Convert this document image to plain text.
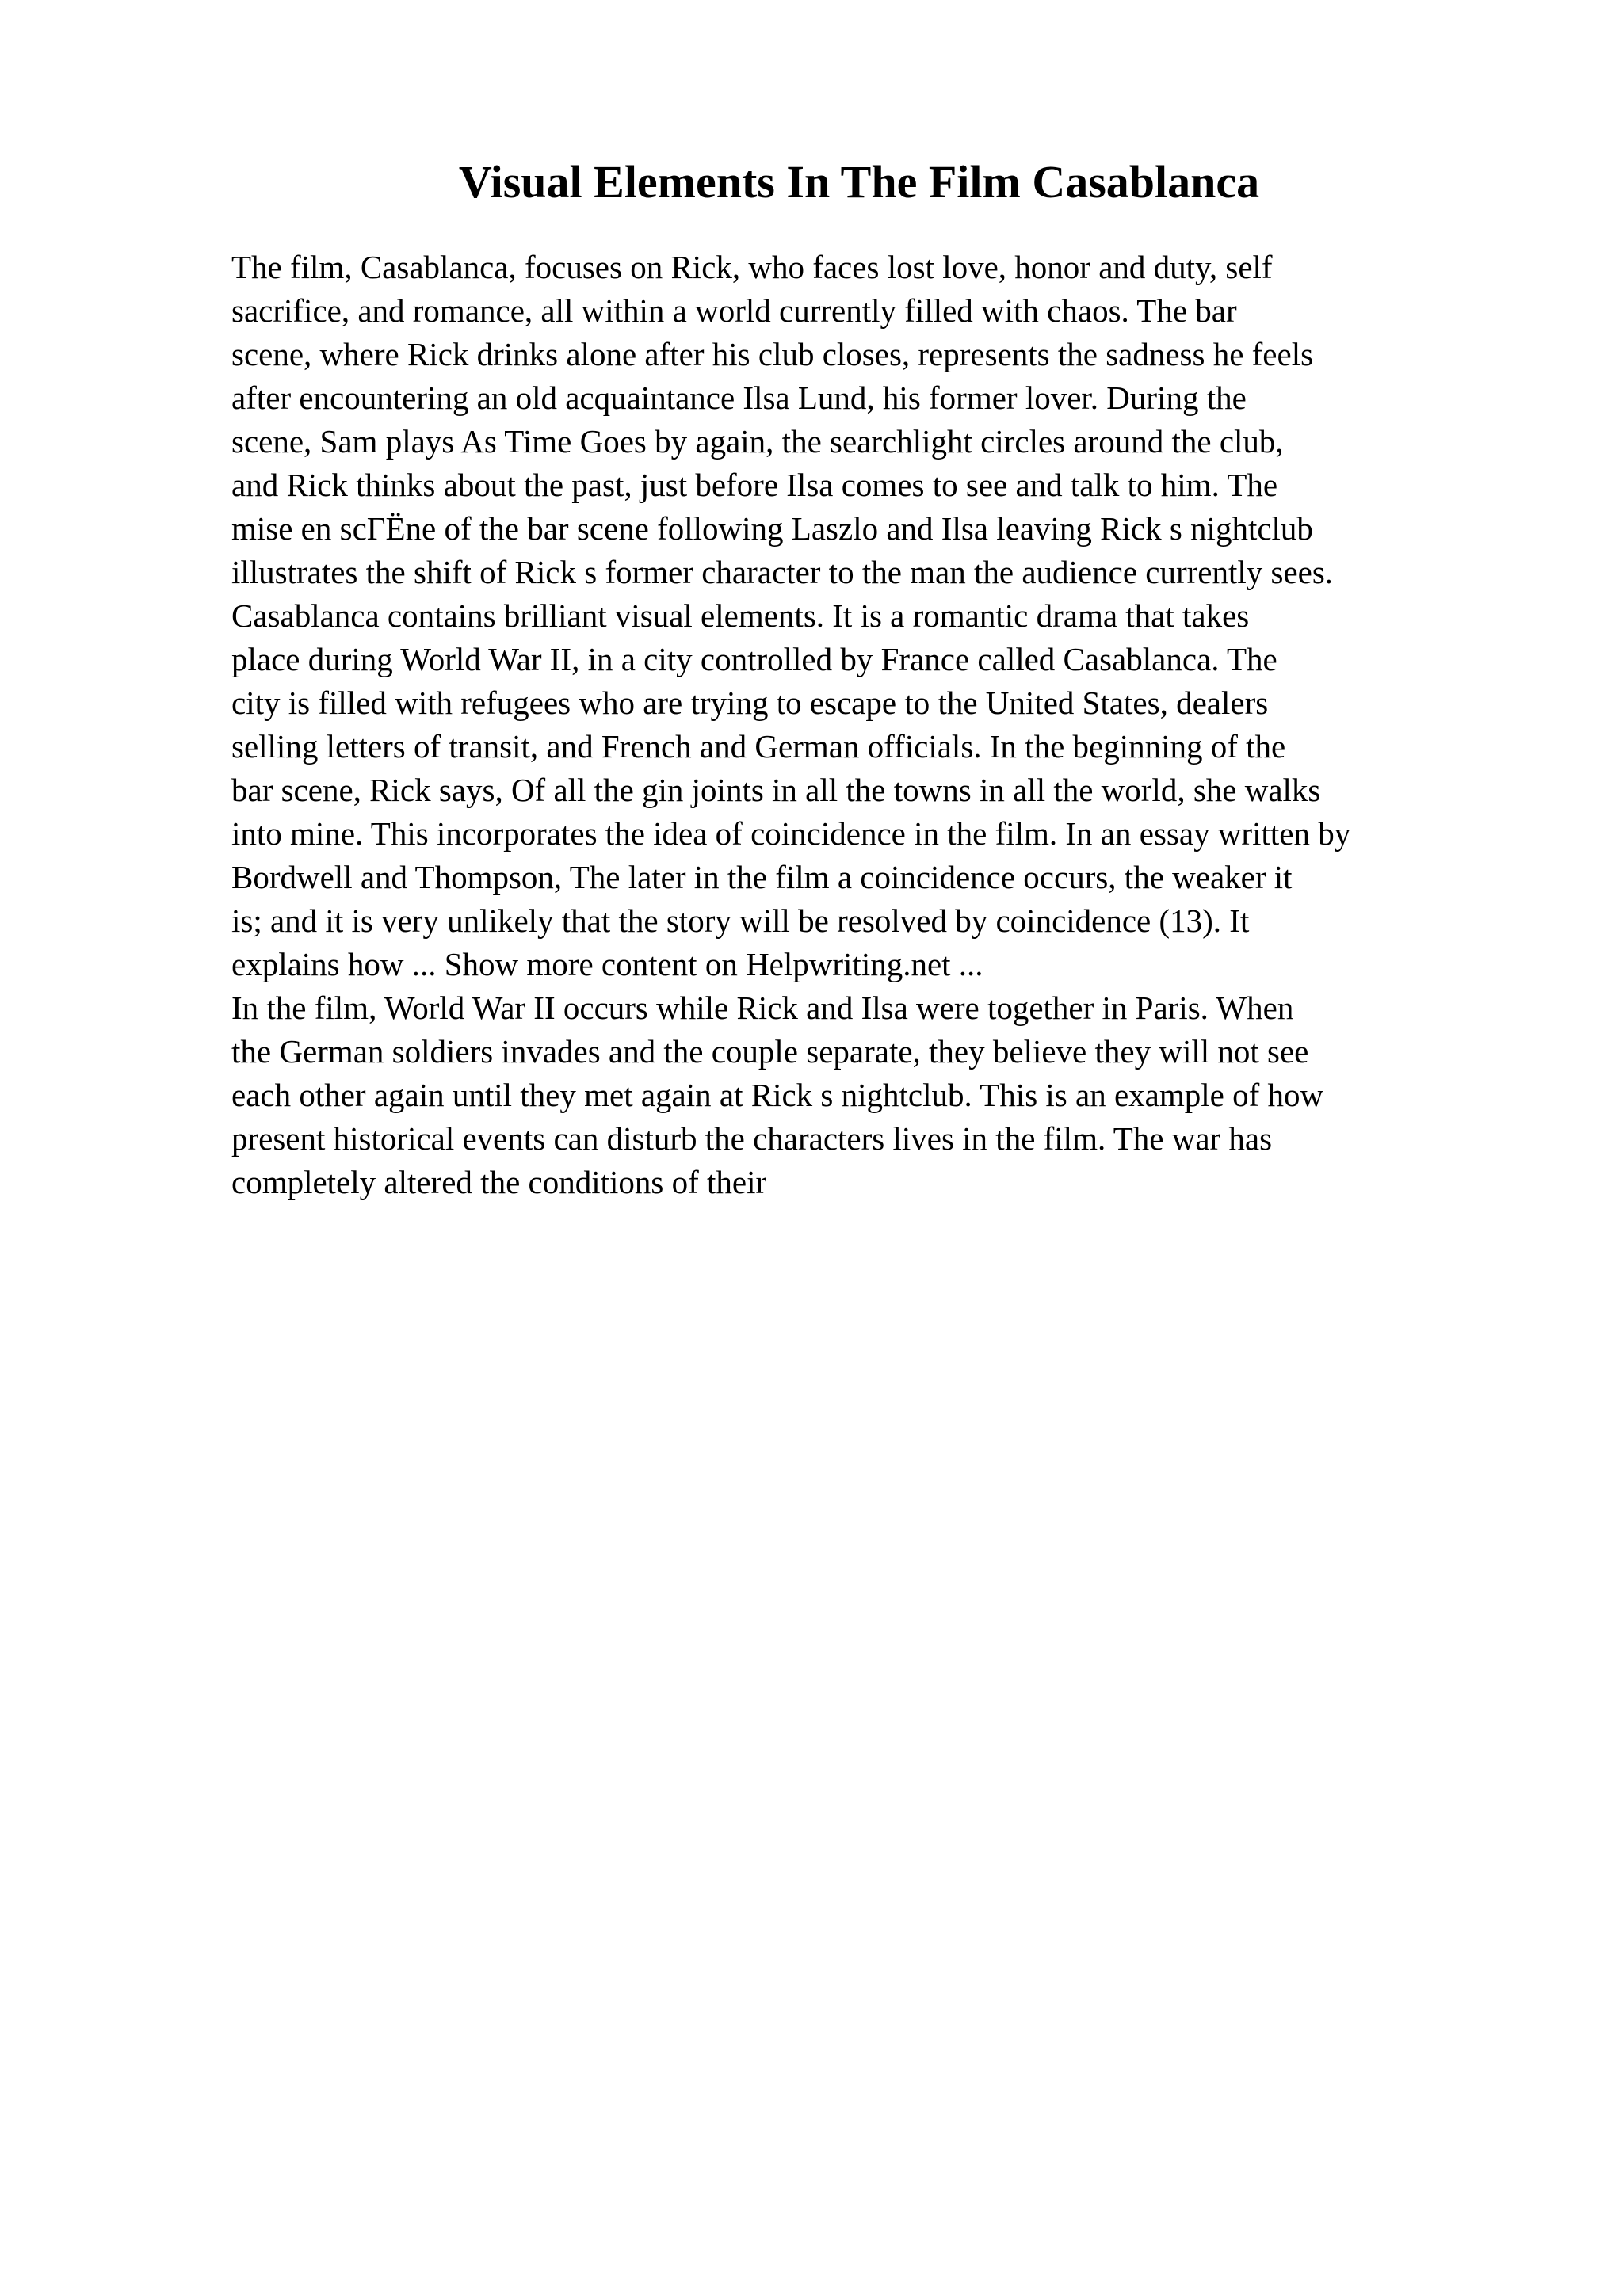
Visual Elements In The Film Casablanca
The film, Casablanca, focuses on Rick, who faces lost love, honor and duty, self
sacrifice, and romance, all within a world currently filled with chaos. The bar
scene, where Rick drinks alone after his club closes, represents the sadness he feels
after encountering an old acquaintance Ilsa Lund, his former lover. During the
scene, Sam plays As Time Goes by again, the searchlight circles around the club,
and Rick thinks about the past, just before Ilsa comes to see and talk to him. The
mise en scГЁne of the bar scene following Laszlo and Ilsa leaving Rick s nightclub
illustrates the shift of Rick s former character to the man the audience currently sees.
Casablanca contains brilliant visual elements. It is a romantic drama that takes
place during World War II, in a city controlled by France called Casablanca. The
city is filled with refugees who are trying to escape to the United States, dealers
selling letters of transit, and French and German officials. In the beginning of the
bar scene, Rick says, Of all the gin joints in all the towns in all the world, she walks
into mine. This incorporates the idea of coincidence in the film. In an essay written by
Bordwell and Thompson, The later in the film a coincidence occurs, the weaker it
is; and it is very unlikely that the story will be resolved by coincidence (13). It
explains how ... Show more content on Helpwriting.net ...
In the film, World War II occurs while Rick and Ilsa were together in Paris. When
the German soldiers invades and the couple separate, they believe they will not see
each other again until they met again at Rick s nightclub. This is an example of how
present historical events can disturb the characters lives in the film. The war has
completely altered the conditions of their
